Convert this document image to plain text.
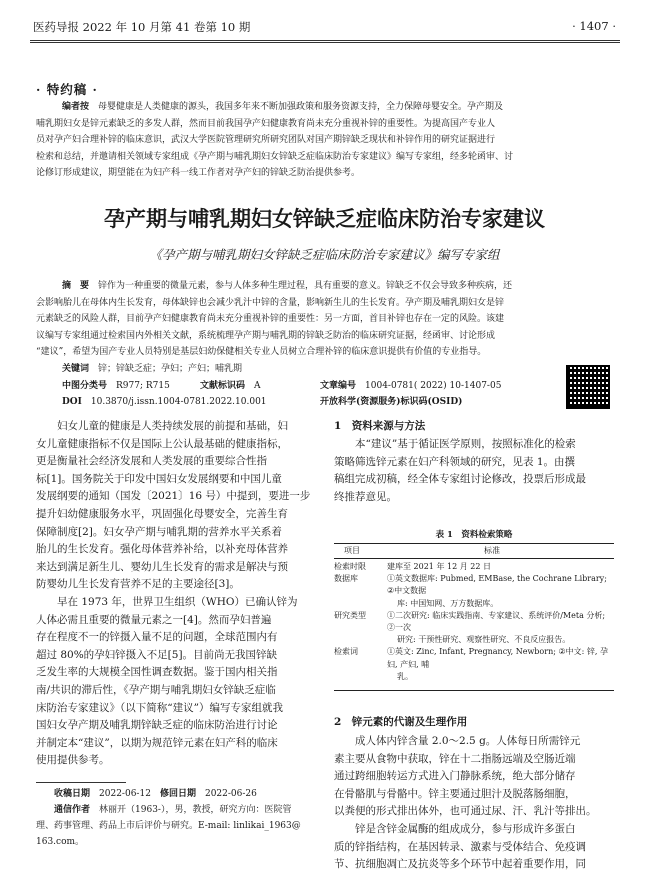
医药导报 2022 年 10 月第 41 卷第 10 期	· 1407 ·
· 特约稿 ·
编者按　 母婴健康是人类健康的源头，我国多年来不断加强政策和服务资源支持，全力保障母婴安全。孕产期及
哺乳期妇女是锌元素缺乏的多发人群，然而目前我国孕产妇健康教育尚未充分重视补锌的重要性。为提高国产专业人
员对孕产妇合理补锌的临床意识，武汉大学医院管理研究所研究团队对国产期锌缺乏现状和补锌作用的研究证据进行
检索和总结，并邀请相关领域专家组成《孕产期与哺乳期妇女锌缺乏症临床防治专家建议》编写专家组，经多轮函审、讨
论修订形成建议，期望能在为妇产科一线工作者对孕产妇的锌缺乏防治提供参考。
孕产期与哺乳期妇女锌缺乏症临床防治专家建议
《孕产期与哺乳期妇女锌缺乏症临床防治专家建议》编写专家组
摘　要　 锌作为一种重要的微量元素，参与人体多种生理过程，具有重要的意义。锌缺乏不仅会导致多种疾病，还
会影响胎儿在母体内生长发育，母体缺锌也会减少乳汁中锌的含量，影响新生儿的生长发育。孕产期及哺乳期妇女是锌
元素缺乏的风险人群，目前孕产妇健康教育尚未充分重视补锌的重要性：另一方面，首目补锌也存在一定的风险。该建
议编写专家组通过检索国内外相关文献，系统梳理孕产期与哺乳期的锌缺乏防治的临床研究证据，经函审、讨论形成
“建议”，希望为国产专业人员特别是基层妇幼保健相关专业人员树立合理补锌的临床意识提供有价值的专业指导。
关键词　 锌；锌缺乏症；孕妇；产妇；哺乳期
中图分类号　 R977; R715	文献标识码　 A	文章编号　 1004-0781( 2022) 10-1407-05
DOI　 10.3870/j.issn.1004-0781.2022.10.001	开放科学(资源服务)标识码(OSID)
妇女儿童的健康是人类持续发展的前提和基础，妇
女儿童健康指标不仅是国际上公认最基础的健康指标，
更是衡量社会经济发展和人类发展的重要综合性指
标[1]。国务院关于印发中国妇女发展纲要和中国儿童
发展纲要的通知（国发〔2021〕16 号）中提到，要进一步
提升妇幼健康服务水平，巩固强化母婴安全，完善生育
保障制度[2]。妇女孕产期与哺乳期的营养水平关系着
胎儿的生长发育。强化母体营养补给，以补充母体营养
来达到满足新生儿、婴幼儿生长发育的需求是解决与预
防婴幼儿生长发育营养不足的主要途径[3]。
早在 1973 年，世界卫生组织（WHO）已确认锌为
人体必需且重要的微量元素之一[4]。然而孕妇普遍
存在程度不一的锌摄入量不足的问题，全球范围内有
超过 80%的孕妇锌摄入不足[5]。目前尚无我国锌缺
乏发生率的大规模全国性调查数据。鉴于国内相关指
南/共识的滞后性，《孕产期与哺乳期妇女锌缺乏症临
床防治专家建议》（以下简称“建议”）编写专家组就我
国妇女孕产期及哺乳期锌缺乏症的临床防治进行讨论
并制定本“建议”，以期为规范锌元素在妇产科的临床
使用提供参考。
收稿日期　 2022-06-12　 修回日期　 2022-06-26
通信作者　 林丽开（1963-），男，教授，研究方向：医院管
理、药事管理、药品上市后评价与研究。E-mail: linlikai_1963@
163.com。
1　资料来源与方法
本“建议”基于循证医学原则，按照标准化的检索
策略筛选锌元素在妇产科领域的研究，见表 1。由撰
稿组完成初稿，经全体专家组讨论修改，投票后形成最
终推荐意见。
表 1　资料检索策略
项目	标准
检索时限	建库至 2021 年 12 月 22 日

数据库	①英文数据库: Pubmed, EMBase, the Cochrane Library; ②中文数据
库: 中国知网、万方数据库。

研究类型	①二次研究: 临床实践指南、专家建议、系统评价/Meta 分析; ②一次
研究: 干预性研究、观察性研究、不良反应报告。

检索词	①英文: Zinc, Infant, Pregnancy, Newborn; ②中文: 锌, 孕妇, 产妇, 哺
乳。
2　锌元素的代谢及生理作用
成人体内锌含量 2.0～2.5 g。人体每日所需锌元
素主要从食物中获取，锌在十二指肠远端及空肠近端
通过跨细胞转运方式进入门静脉系统，绝大部分储存
在骨骼肌与骨骼中。锌主要通过胆汁及脱落肠细胞，
以粪便的形式排出体外，也可通过尿、汗、乳汁等排出。
锌是含锌金属酶的组成成分，参与形成许多蛋白
质的锌指结构，在基因转录、激素与受体结合、免疫调
节、抗细胞凋亡及抗炎等多个环节中起着重要作用，同
